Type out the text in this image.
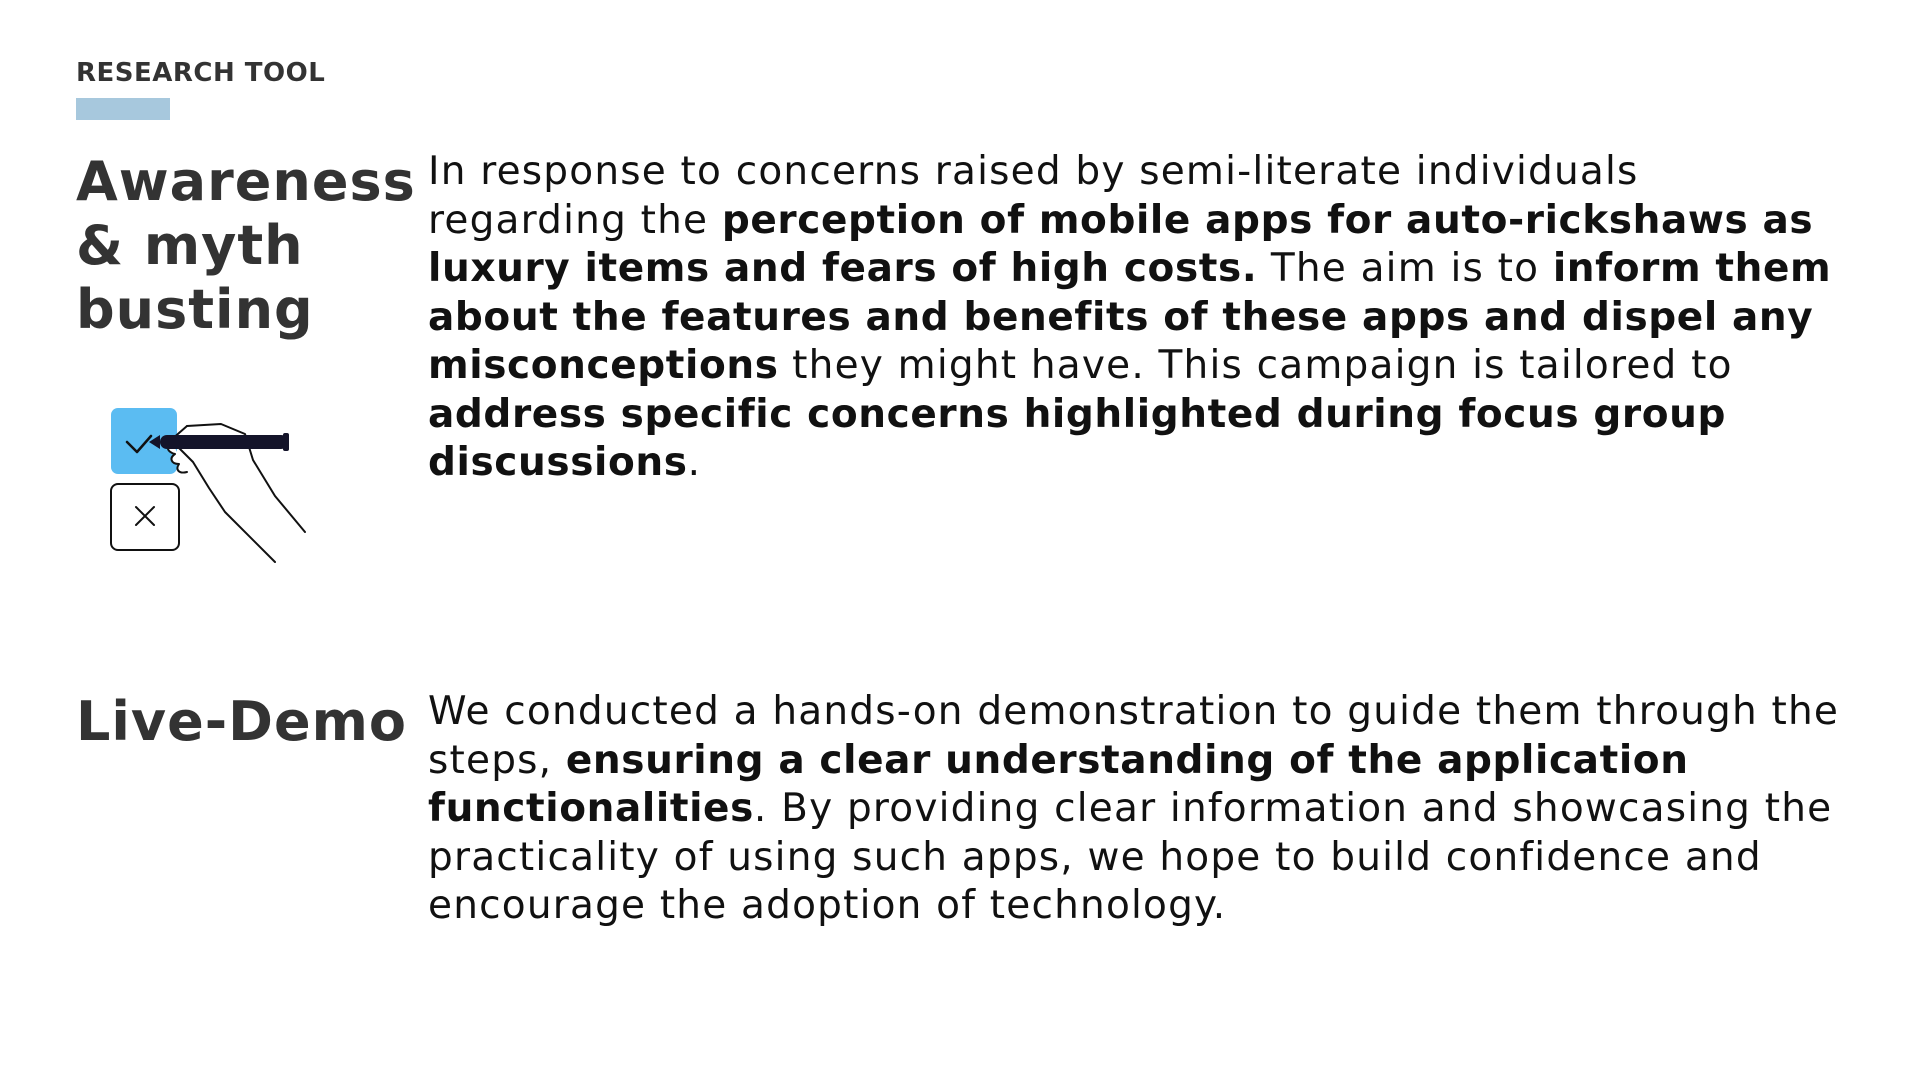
RESEARCH TOOL
Awareness & myth busting
In response to concerns raised by semi-literate individuals regarding the perception of mobile apps for auto-rickshaws as luxury items and fears of high costs. The aim is to inform them about the features and benefits of these apps and dispel any misconceptions they might have. This campaign is tailored to address specific concerns highlighted during focus group discussions.
Live-Demo We conducted a hands-on demonstration to guide them through the steps, ensuring a clear understanding of the application functionalities. By providing clear information and showcasing the practicality of using such apps, we hope to build confidence and encourage the adoption of technology.
